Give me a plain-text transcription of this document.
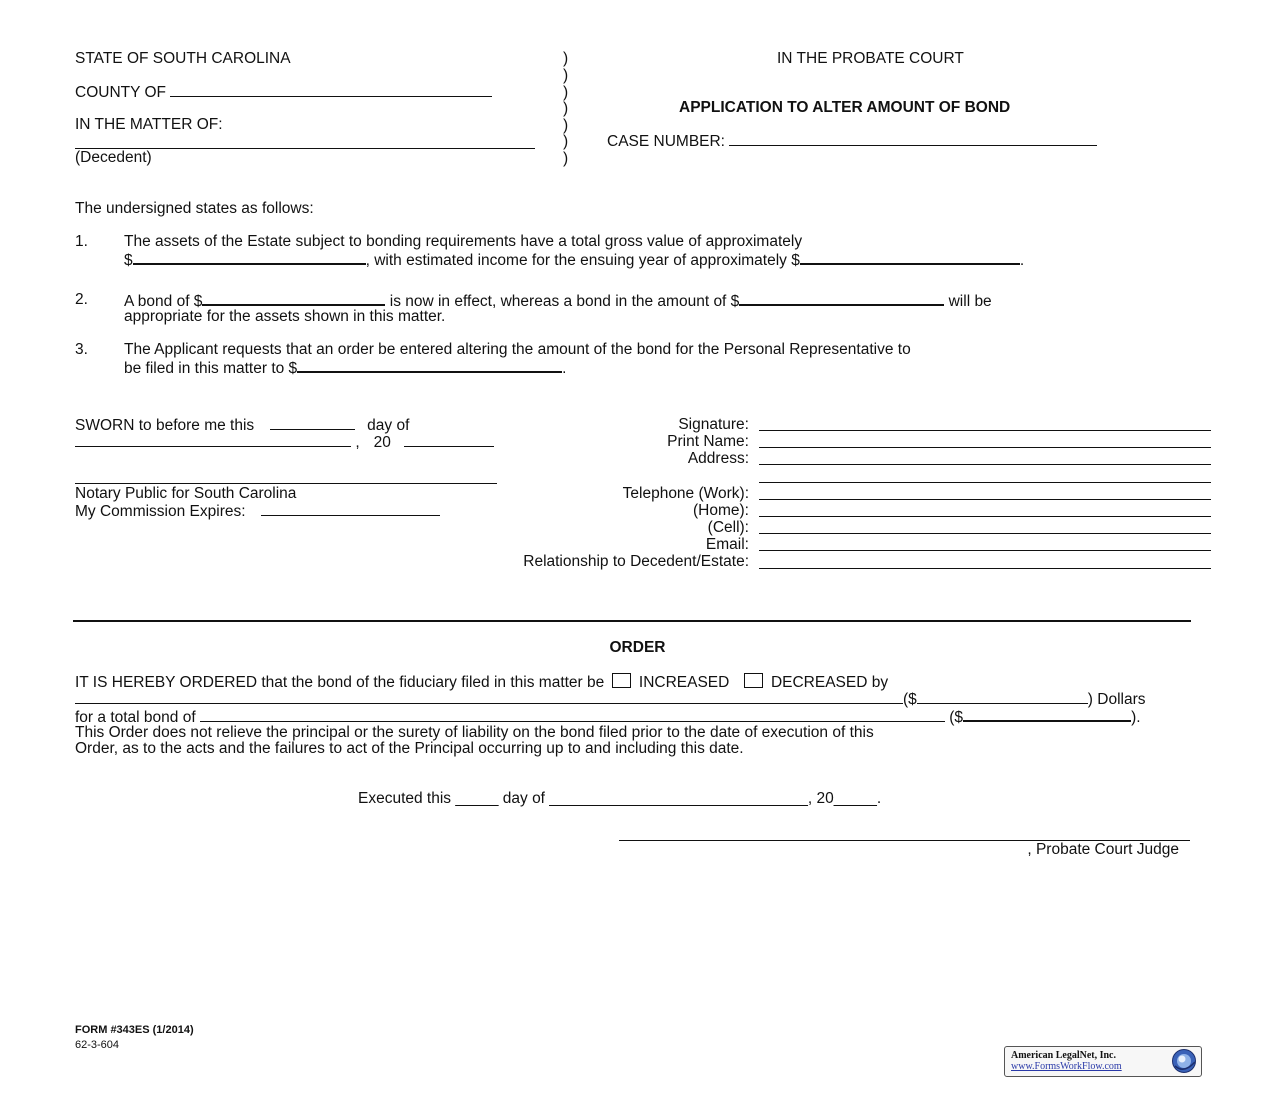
STATE OF SOUTH CAROLINA
COUNTY OF
IN THE MATTER OF:
(Decedent)
)
)
)
)
)
)
)
IN THE PROBATE COURT
APPLICATION TO ALTER AMOUNT OF BOND
CASE NUMBER:
The undersigned states as follows:
1. The assets of the Estate subject to bonding requirements have a total gross value of approximately
$	, with estimated income for the ensuing year of approximately $	.
2. A bond of $	is now in effect, whereas a bond in the amount of $	will be
appropriate for the assets shown in this matter.
3. The Applicant requests that an order be entered altering the amount of the bond for the Personal Representative to
be filed in this matter to $	.
SWORN to before me this	day of
, 20
Notary Public for South Carolina
My Commission Expires:
Signature:
Print Name:
Address:
Telephone (Work):
(Home):
(Cell):
Email:
Relationship to Decedent/Estate:
ORDER
IT IS HEREBY ORDERED that the bond of the fiduciary filed in this matter be INCREASED	DECREASED by
($	) Dollars
for a total bond of	($	).
This Order does not relieve the principal or the surety of liability on the bond filed prior to the date of execution of this
Order, as to the acts and the failures to act of the Principal occurring up to and including this date.
Executed this _____ day of ______________________________, 20_____.
, Probate Court Judge
FORM #343ES (1/2014)
62-3-604
American LegalNet, Inc.
www.FormsWorkFlow.com
